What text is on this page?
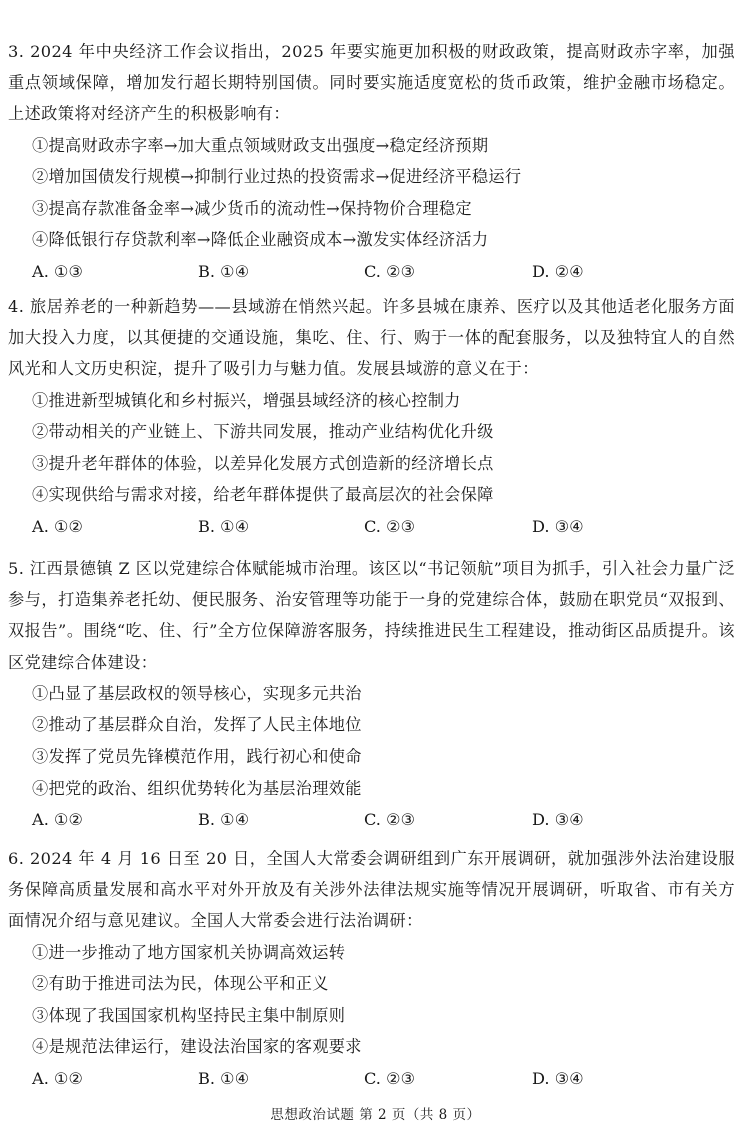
3. 2024 年中央经济工作会议指出，2025 年要实施更加积极的财政政策，提高财政赤字率，加强重点领域保障，增加发行超长期特别国债。同时要实施适度宽松的货币政策，维护金融市场稳定。上述政策将对经济产生的积极影响有：
①提高财政赤字率→加大重点领域财政支出强度→稳定经济预期
②增加国债发行规模→抑制行业过热的投资需求→促进经济平稳运行
③提高存款准备金率→减少货币的流动性→保持物价合理稳定
④降低银行存贷款利率→降低企业融资成本→激发实体经济活力
A. ①③	B. ①④	C. ②③	D. ②④
4. 旅居养老的一种新趋势——县域游在悄然兴起。许多县城在康养、医疗以及其他适老化服务方面加大投入力度，以其便捷的交通设施，集吃、住、行、购于一体的配套服务，以及独特宜人的自然风光和人文历史积淀，提升了吸引力与魅力值。发展县域游的意义在于：
①推进新型城镇化和乡村振兴，增强县域经济的核心控制力
②带动相关的产业链上、下游共同发展，推动产业结构优化升级
③提升老年群体的体验，以差异化发展方式创造新的经济增长点
④实现供给与需求对接，给老年群体提供了最高层次的社会保障
A. ①②	B. ①④	C. ②③	D. ③④
5. 江西景德镇 Z 区以党建综合体赋能城市治理。该区以“书记领航”项目为抓手，引入社会力量广泛参与，打造集养老托幼、便民服务、治安管理等功能于一身的党建综合体，鼓励在职党员“双报到、双报告”。围绕“吃、住、行”全方位保障游客服务，持续推进民生工程建设，推动街区品质提升。该区党建综合体建设：
①凸显了基层政权的领导核心，实现多元共治
②推动了基层群众自治，发挥了人民主体地位
③发挥了党员先锋模范作用，践行初心和使命
④把党的政治、组织优势转化为基层治理效能
A. ①②	B. ①④	C. ②③	D. ③④
6. 2024 年 4 月 16 日至 20 日，全国人大常委会调研组到广东开展调研，就加强涉外法治建设服务保障高质量发展和高水平对外开放及有关涉外法律法规实施等情况开展调研，听取省、市有关方面情况介绍与意见建议。全国人大常委会进行法治调研：
①进一步推动了地方国家机关协调高效运转
②有助于推进司法为民，体现公平和正义
③体现了我国国家机构坚持民主集中制原则
④是规范法律运行，建设法治国家的客观要求
A. ①②	B. ①④	C. ②③	D. ③④
思想政治试题 第 2 页（共 8 页）
